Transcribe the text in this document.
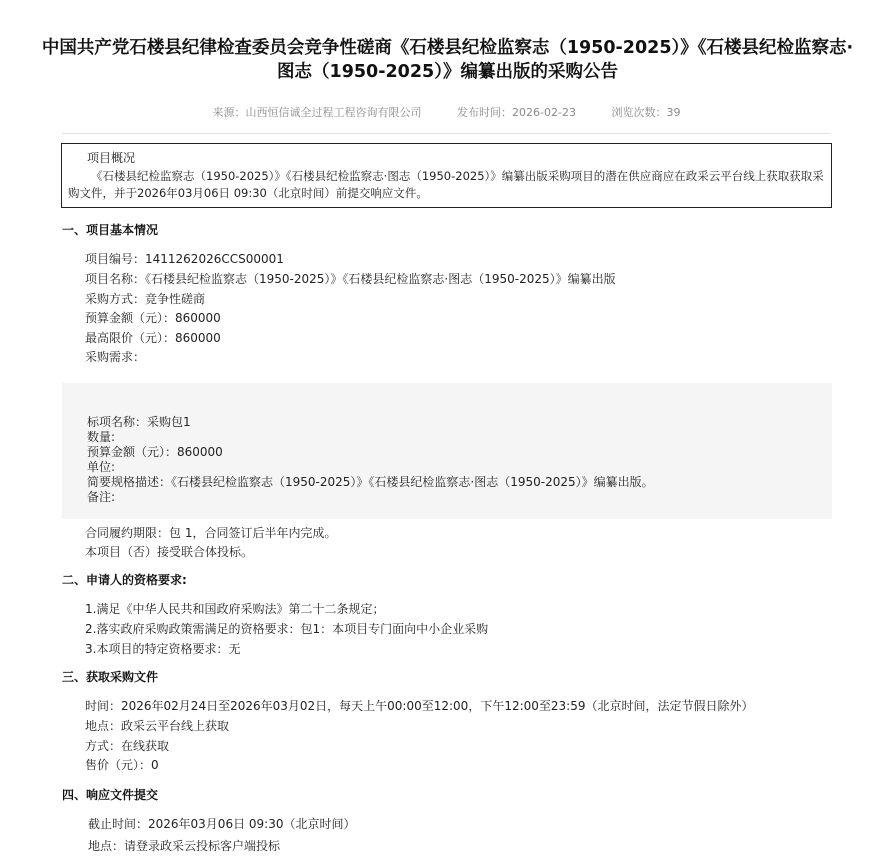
中国共产党石楼县纪律检查委员会竞争性磋商《石楼县纪检监察志（1950-2025）》《石楼县纪检监察志·图志（1950-2025）》编纂出版的采购公告
来源：山西恒信诚全过程工程咨询有限公司	发布时间：2026-02-23	浏览次数：39
项目概况
《石楼县纪检监察志（1950-2025）》《石楼县纪检监察志·图志（1950-2025）》编纂出版采购项目的潜在供应商应在政采云平台线上获取获取采购文件，并于2026年03月06日 09:30（北京时间）前提交响应文件。
一、项目基本情况
项目编号：1411262026CCS00001
项目名称：《石楼县纪检监察志（1950-2025）》《石楼县纪检监察志·图志（1950-2025）》编纂出版
采购方式：竞争性磋商
预算金额（元）：860000
最高限价（元）：860000
采购需求：
标项名称：采购包1
数量:
预算金额（元）：860000
单位:
简要规格描述：《石楼县纪检监察志（1950-2025）》《石楼县纪检监察志·图志（1950-2025）》编纂出版。
备注:
合同履约期限：包 1，合同签订后半年内完成。
本项目（否）接受联合体投标。
二、申请人的资格要求:
1.满足《中华人民共和国政府采购法》第二十二条规定；
2.落实政府采购政策需满足的资格要求：包1：本项目专门面向中小企业采购
3.本项目的特定资格要求：无
三、获取采购文件
时间：2026年02月24日至2026年03月02日，每天上午00:00至12:00，下午12:00至23:59（北京时间，法定节假日除外）
地点：政采云平台线上获取
方式：在线获取
售价（元）：0
四、响应文件提交
截止时间：2026年03月06日 09:30（北京时间）
地点：请登录政采云投标客户端投标
